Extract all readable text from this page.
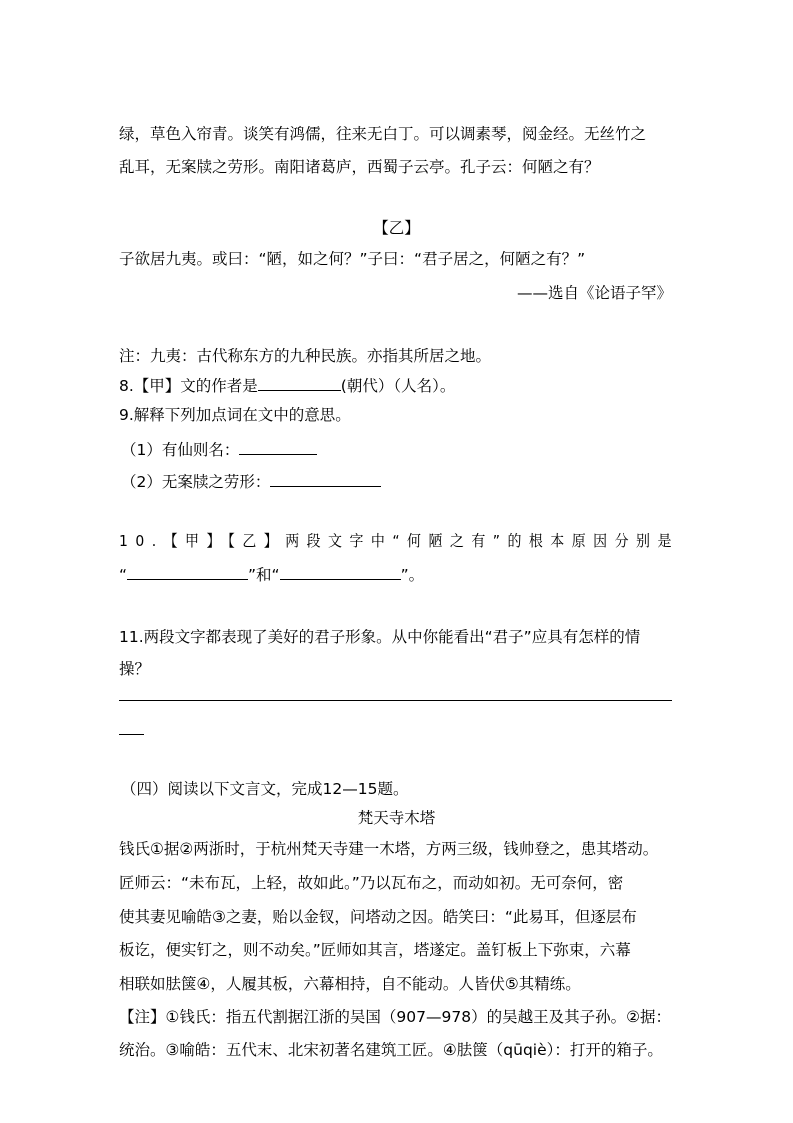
绿，草色入帘青。谈笑有鸿儒，往来无白丁。可以调素琴，阅金经。无丝竹之
乱耳，无案牍之劳形。南阳诸葛庐，西蜀子云亭。孔子云：何陋之有？
【乙】
子欲居九夷。或曰：“陋，如之何？”子曰：“君子居之，何陋之有？”
——选自《论语子罕》
注：九夷：古代称东方的九种民族。亦指其所居之地。
8.【甲】文的作者是	(朝代）（人名）。
9.解释下列加点词在文中的意思。
（1）有仙则名：
（2）无案牍之劳形：
10.【甲】【乙】两段文字中“何陋之有”的根本原因分别是
“	”和“	”。
11.两段文字都表现了美好的君子形象。从中你能看出“君子”应具有怎样的情
操？
（四）阅读以下文言文，完成12—15题。
梵天寺木塔
钱氏①据②两浙时，于杭州梵天寺建一木塔，方两三级，钱帅登之，患其塔动。
匠师云：“未布瓦，上轻，故如此。”乃以瓦布之，而动如初。无可奈何，密
使其妻见喻皓③之妻，贻以金钗，问塔动之因。皓笑曰：“此易耳，但逐层布
板讫，便实钉之，则不动矣。”匠师如其言，塔遂定。盖钉板上下弥束，六幕
相联如胠箧④，人履其板，六幕相持，自不能动。人皆伏⑤其精练。
【注】①钱氏：指五代割据江浙的吴国（907—978）的吴越王及其子孙。②据：
统治。③喻皓：五代末、北宋初著名建筑工匠。④胠箧（qūqiè）：打开的箱子。
